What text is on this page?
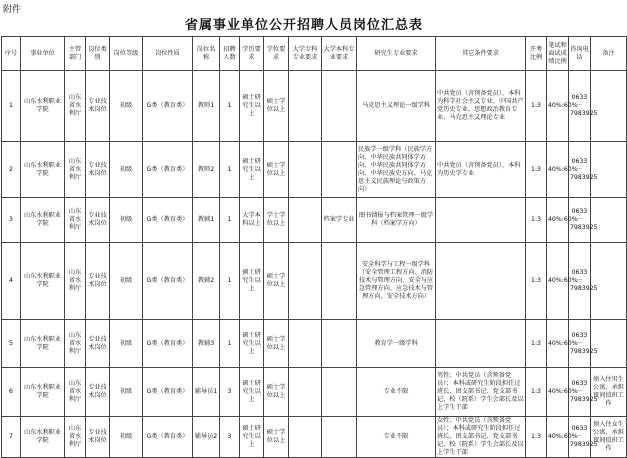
附件
省属事业单位公开招聘人员岗位汇总表
序号	事业单位	主管部门	岗位类别	岗位等级	岗位性质	岗位名称	招聘人数	学历要求	学位要求	大学专科专业要求	大学本科专业要求	研究生专业要求	其它条件要求	开考比例	笔试和面试成绩比例	咨询电话	备注
1	山东水利职业学院	山东省水利厅	专业技术岗位	初级	G类（教育类）	教师1	1	硕士研究生以上	硕士学位以上			马克思主义理论一级学科	中共党员（含预备党员），本科为科学社会主义专业、中国共产党历史专业、思想政治教育专业、马克思主义理论专业	1:3	40%:60%	0633－7983925	
2	山东水利职业学院	山东省水利厅	专业技术岗位	初级	G类（教育类）	教师2	1	硕士研究生以上	硕士学位以上			民族学一级学科（民族学方向、中华民族共同体学方向、中华民族共同体学方向、中华民族史方向、马克思主义民族理论与政策方向）	中共党员（含预备党员），本科为历史学专业	1:3	40%:60%	0633－7983925	
3	山东水利职业学院	山东省水利厅	专业技术岗位	初级	G类（教育类）	教辅1	1	大学本科以上	学士学位以上		档案学专业	图书情报与档案管理一级学科（档案学方向）		1:3	40%:60%	0633－7983925	
4	山东水利职业学院	山东省水利厅	专业技术岗位	初级	G类（教育类）	教辅2	1	硕士研究生以上	硕士学位以上			安全科学与工程一级学科（安全管理工程方向、消防技术与管理方向、安全与应急管理方向、应急技术与管理方向、安全技术方向）		1:3	40%:60%	0633－7983925	
5	山东水利职业学院	山东省水利厅	专业技术岗位	初级	G类（教育类）	教辅3	1	硕士研究生以上	硕士学位以上			教育学一级学科		1:3	40%:60%	0633－7983925	
6	山东水利职业学院	山东省水利厅	专业技术岗位	初级	G类（教育类）	辅导员1	3	硕士研究生以上	硕士学位以上			专业不限	男性；中共党员（含预备党员）；本科或研究生阶段担任过班长、团支部书记、党支部书记、校（院系）学生会部长及以上学生干部	1:3	40%:60%	0633－7983925	须入住男生公寓，承担夜间值班工作
7	山东水利职业学院	山东省水利厅	专业技术岗位	初级	G类（教育类）	辅导员2	3	硕士研究生以上	硕士学位以上			专业不限	女性；中共党员（含预备党员）；本科或研究生阶段担任过班长、团支部书记、党支部书记、校（院系）学生会部长及以上学生干部	1:3	40%:60%	0633－7983925	须入住女生公寓，承担夜间值班工作
